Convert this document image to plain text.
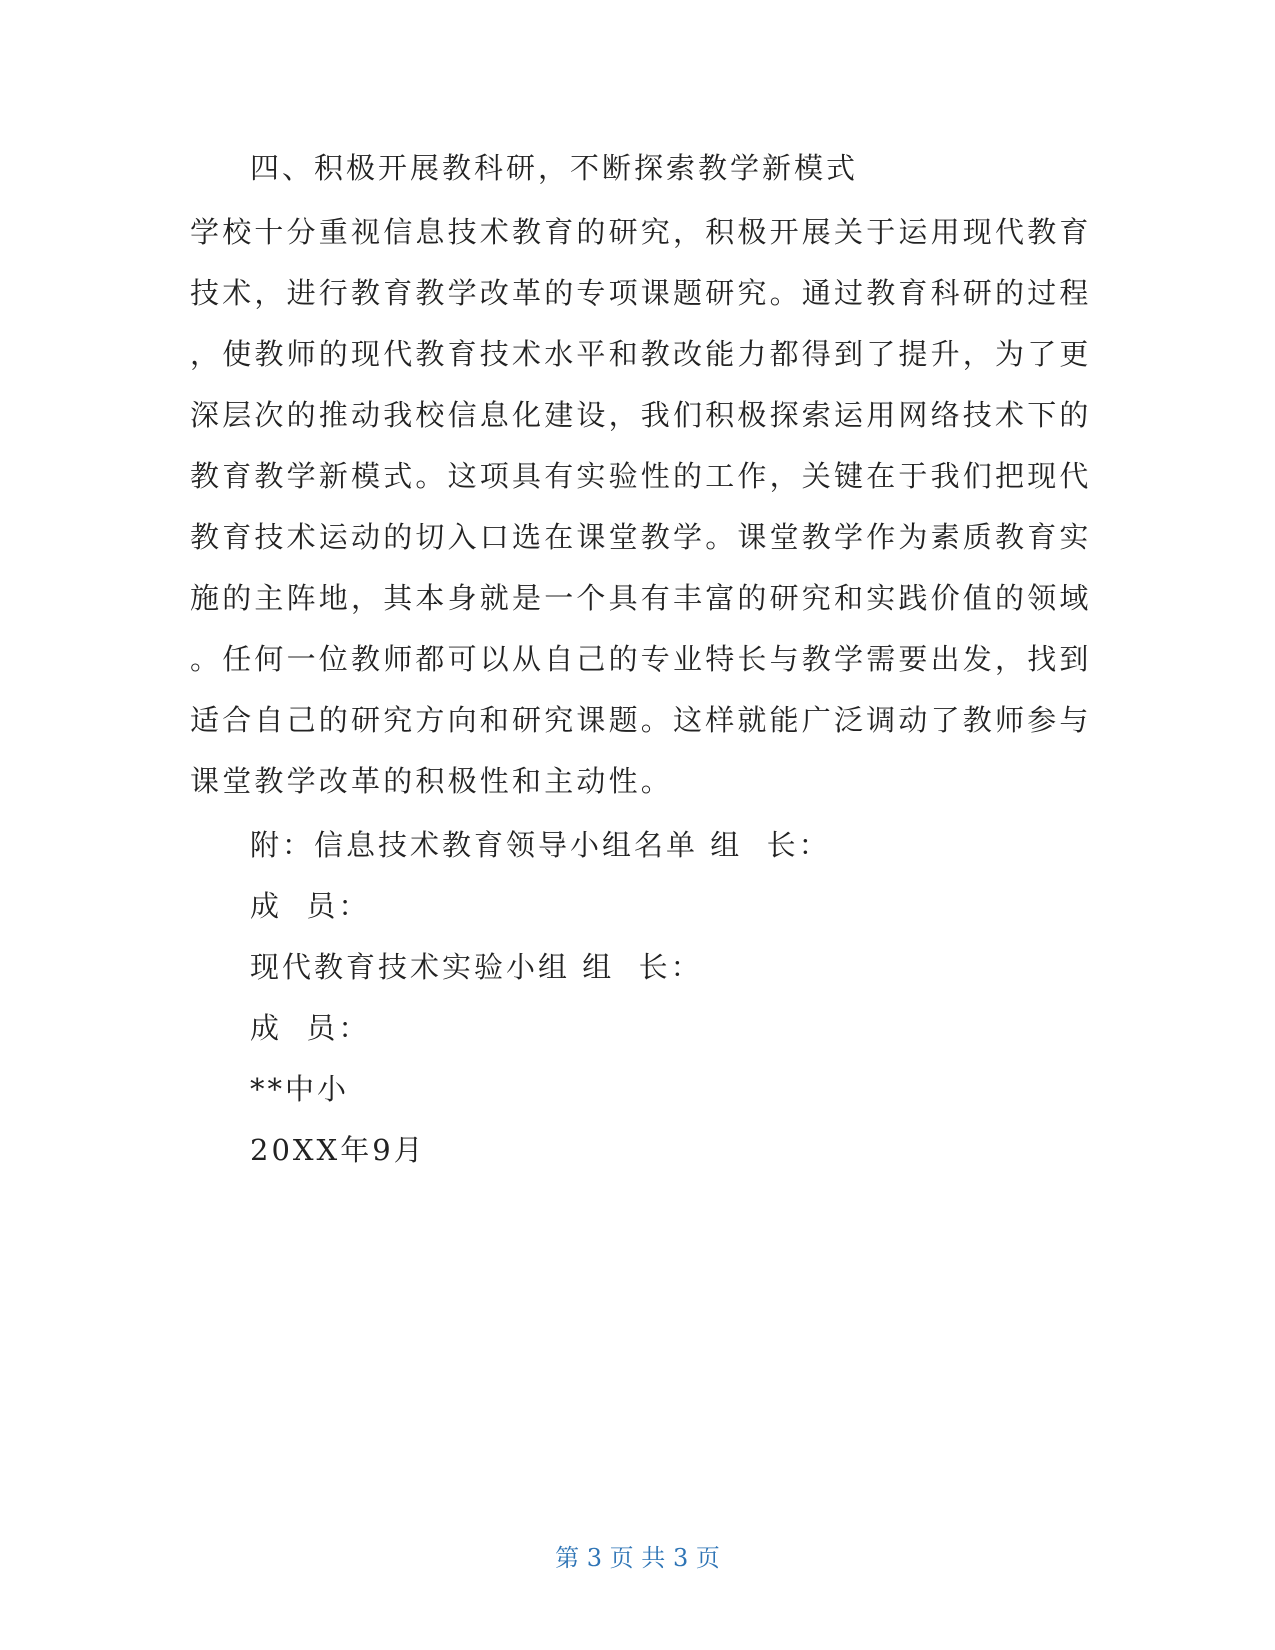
四、积极开展教科研，不断探索教学新模式
学校十分重视信息技术教育的研究，积极开展关于运用现代教育
技术，进行教育教学改革的专项课题研究。通过教育科研的过程
，使教师的现代教育技术水平和教改能力都得到了提升，为了更
深层次的推动我校信息化建设，我们积极探索运用网络技术下的
教育教学新模式。这项具有实验性的工作，关键在于我们把现代
教育技术运动的切入口选在课堂教学。课堂教学作为素质教育实
施的主阵地，其本身就是一个具有丰富的研究和实践价值的领域
。任何一位教师都可以从自己的专业特长与教学需要出发，找到
适合自己的研究方向和研究课题。这样就能广泛调动了教师参与
课堂教学改革的积极性和主动性。
附：信息技术教育领导小组名单 组  长：
成  员：
现代教育技术实验小组 组  长：
成  员：
**中小
20XX年9月
第 3 页 共 3 页
